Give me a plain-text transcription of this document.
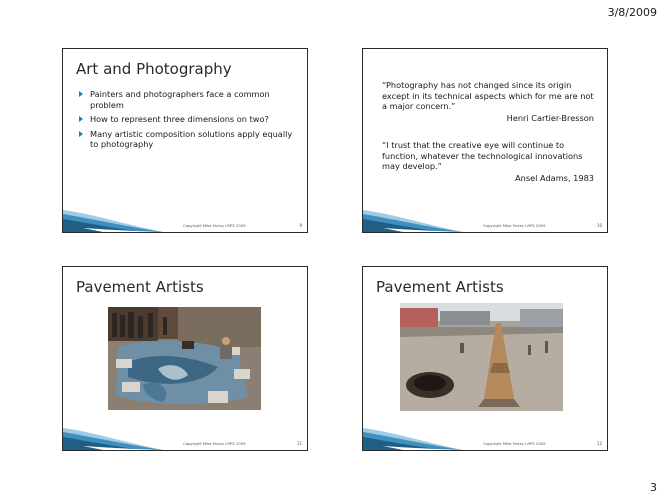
3/8/2009
Art and Photography
Painters and photographers face a common problem
How to represent three dimensions on two?
Many artistic composition solutions apply equally to photography
Copyright Mike Farley LRPS 2009	9
“Photography has not changed since its origin except in its technical aspects which for me are not a major concern.”
Henri Cartier-Bresson
“I trust that the creative eye will continue to function, whatever the technological innovations may develop.”
Ansel Adams, 1983
Copyright Mike Farley LRPS 2009	10
Pavement Artists
Copyright Mike Farley LRPS 2009	11
Pavement Artists
Copyright Mike Farley LRPS 2009	12
3
